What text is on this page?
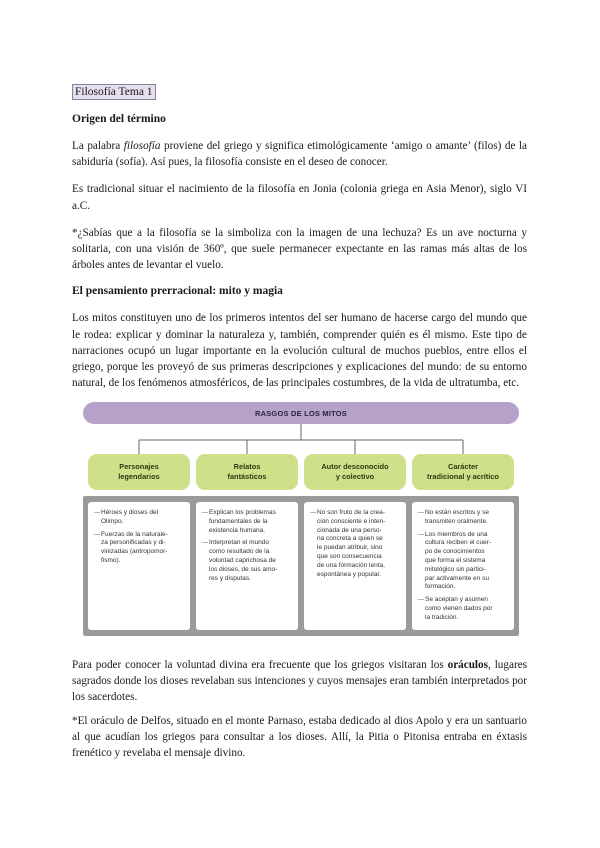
Filosofía Tema 1
Origen del término

La palabra filosofía proviene del griego y significa etimológicamente ‘amigo o amante’ (filos) de la sabiduría (sofía). Así pues, la filosofía consiste en el deseo de conocer.

Es tradicional situar el nacimiento de la filosofía en Jonia (colonia griega en Asia Menor), siglo VI a.C.

*¿Sabías que a la filosofía se la simboliza con la imagen de una lechuza? Es un ave nocturna y solitaria, con una visión de 360º, que suele permanecer expectante en las ramas más altas de los árboles antes de levantar el vuelo.

El pensamiento prerracional: mito y magia

Los mitos constituyen uno de los primeros intentos del ser humano de hacerse cargo del mundo que le rodea: explicar y dominar la naturaleza y, también, comprender quién es él mismo. Este tipo de narraciones ocupó un lugar importante en la evolución cultural de muchos pueblos, entre ellos el griego, porque les proveyó de sus primeras descripciones y explicaciones del mundo: de su entorno natural, de los fenómenos atmosféricos, de las principales costumbres, de la vida de ultratumba, etc.

RASGOS DE LOS MITOS
Personajes
legendarios
Relatos
fantásticos
Autor desconocido
y colectivo
Carácter
tradicional y acrítico
— Héroes y dioses del
Olimpo.
— Fuerzas de la naturale-
za personificadas y di-
vinizadas (antropomor-
fismo).
— Explican los problemas
fundamentales de la
existencia humana.
— Interpretan el mundo
como resultado de la
voluntad caprichosa de
los dioses, de sus amo-
res y disputas.
— No son fruto de la crea-
ción consciente e inten-
cionada de una perso-
na concreta a quien se
le puedan atribuir, sino
que son consecuencia
de una formación lenta,
espontánea y popular.
— No están escritos y se
transmiten oralmente.
— Los miembros de una
cultura reciben el cuer-
po de conocimientos
que forma el sistema
mitológico sin partici-
par activamente en su
formación.
— Se aceptan y asumen
como vienen dados por
la tradición.

Para poder conocer la voluntad divina era frecuente que los griegos visitaran los oráculos, lugares sagrados donde los dioses revelaban sus intenciones y cuyos mensajes eran también interpretados por los sacerdotes.

*El oráculo de Delfos, situado en el monte Parnaso, estaba dedicado al dios Apolo y era un santuario al que acudían los griegos para consultar a los dioses. Allí, la Pitia o Pitonisa entraba en éxtasis frenético y revelaba el mensaje divino.
